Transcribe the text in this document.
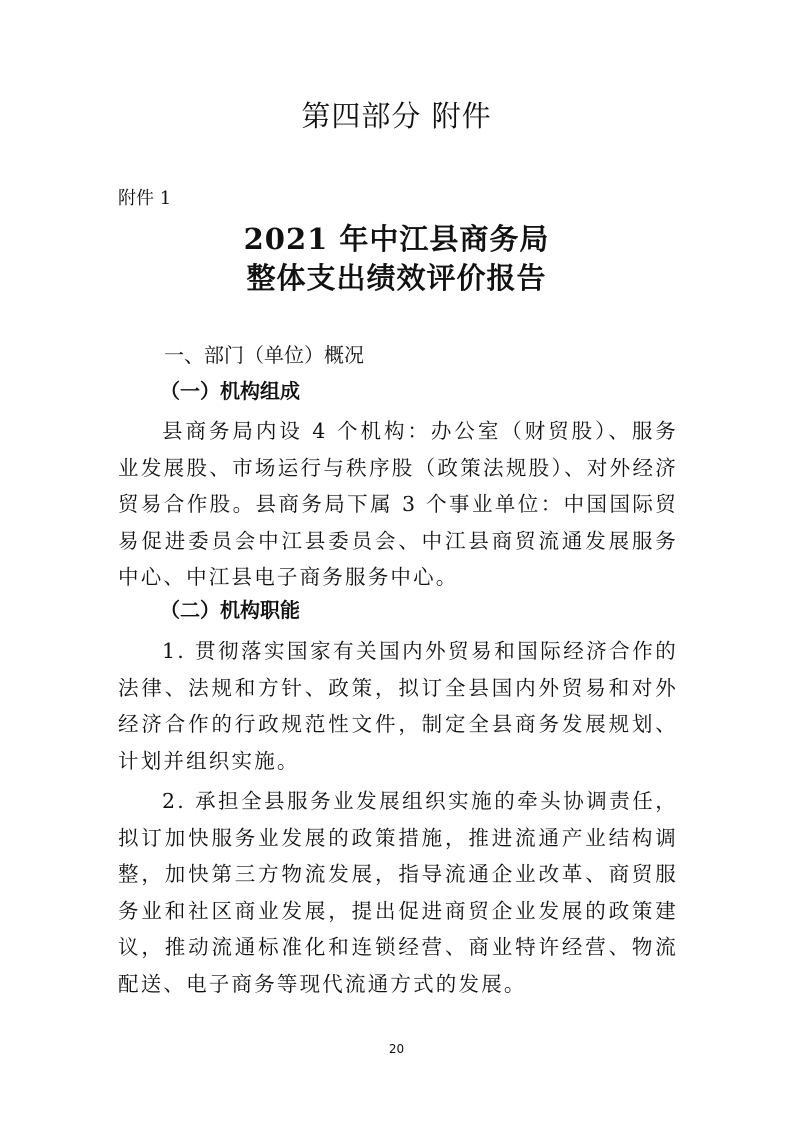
第四部分 附件
附件 1
2021 年中江县商务局
整体支出绩效评价报告
一、部门（单位）概况
（一）机构组成

县商务局内设 4 个机构：办公室（财贸股）、服务业发展股、市场运行与秩序股（政策法规股）、对外经济贸易合作股。县商务局下属 3 个事业单位：中国国际贸易促进委员会中江县委员会、中江县商贸流通发展服务中心、中江县电子商务服务中心。

（二）机构职能

1. 贯彻落实国家有关国内外贸易和国际经济合作的法律、法规和方针、政策，拟订全县国内外贸易和对外经济合作的行政规范性文件，制定全县商务发展规划、计划并组织实施。

2. 承担全县服务业发展组织实施的牵头协调责任，拟订加快服务业发展的政策措施，推进流通产业结构调整，加快第三方物流发展，指导流通企业改革、商贸服务业和社区商业发展，提出促进商贸企业发展的政策建议，推动流通标准化和连锁经营、商业特许经营、物流配送、电子商务等现代流通方式的发展。

20
